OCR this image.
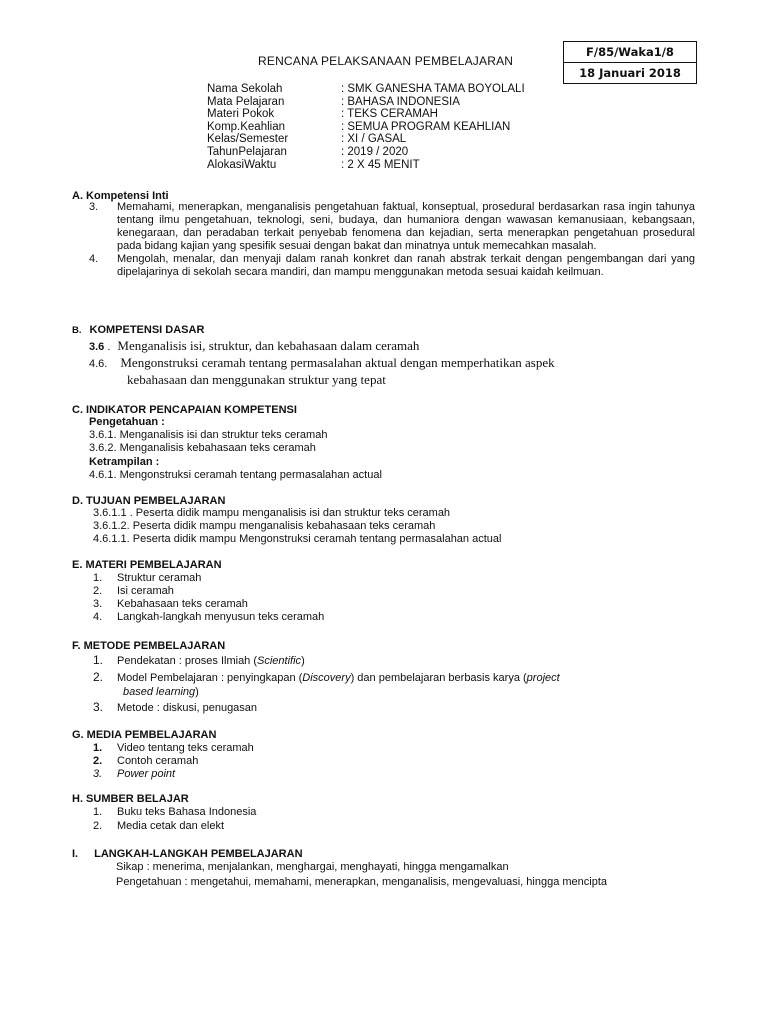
RENCANA PELAKSANAAN PEMBELAJARAN
F/85/Waka1/8
18 Januari 2018
Nama Sekolah	: SMK GANESHA TAMA BOYOLALI
Mata Pelajaran	: BAHASA INDONESIA
Materi Pokok	: TEKS CERAMAH
Komp.Keahlian	: SEMUA PROGRAM KEAHLIAN
Kelas/Semester	: XI / GASAL
TahunPelajaran	: 2019 / 2020
AlokasiWaktu	: 2 X 45 MENIT
A. Kompetensi Inti
3.	Memahami, menerapkan, menganalisis pengetahuan faktual, konseptual, prosedural berdasarkan rasa ingin tahunya tentang ilmu pengetahuan, teknologi, seni, budaya, dan humaniora dengan wawasan kemanusiaan, kebangsaan, kenegaraan, dan peradaban terkait penyebab fenomena dan kejadian, serta menerapkan pengetahuan prosedural pada bidang kajian yang spesifik sesuai dengan bakat dan minatnya untuk memecahkan masalah.
4.	Mengolah, menalar, dan menyaji dalam ranah konkret dan ranah abstrak terkait dengan pengembangan dari yang dipelajarinya di sekolah secara mandiri, dan mampu menggunakan metoda sesuai kaidah keilmuan.
B. KOMPETENSI DASAR
3.6 . Menganalisis isi, struktur, dan kebahasaan dalam ceramah
4.6. Mengonstruksi ceramah tentang permasalahan aktual dengan memperhatikan aspek
kebahasaan dan menggunakan struktur yang tepat
C. INDIKATOR PENCAPAIAN KOMPETENSI
Pengetahuan :
3.6.1. Menganalisis isi dan struktur teks ceramah
3.6.2. Menganalisis kebahasaan teks ceramah
Ketrampilan :
4.6.1. Mengonstruksi ceramah tentang permasalahan actual
D. TUJUAN PEMBELAJARAN
3.6.1.1 . Peserta didik mampu menganalisis isi dan struktur teks ceramah
3.6.1.2. Peserta didik mampu menganalisis kebahasaan teks ceramah
4.6.1.1. Peserta didik mampu Mengonstruksi ceramah tentang permasalahan actual
E. MATERI PEMBELAJARAN
1.	Struktur ceramah
2.	Isi ceramah
3.	Kebahasaan teks ceramah
4.	Langkah-langkah menyusun teks ceramah
F. METODE PEMBELAJARAN
1. Pendekatan : proses Ilmiah (Scientific)
2. Model Pembelajaran : penyingkapan (Discovery) dan pembelajaran berbasis karya (project
based learning)
3. Metode : diskusi, penugasan
G. MEDIA PEMBELAJARAN
1.	Video tentang teks ceramah
2.	Contoh ceramah
3.	Power point
H. SUMBER BELAJAR
1.	Buku teks Bahasa Indonesia
2.	Media cetak dan elekt
I. LANGKAH-LANGKAH PEMBELAJARAN
Sikap : menerima, menjalankan, menghargai, menghayati, hingga mengamalkan
Pengetahuan : mengetahui, memahami, menerapkan, menganalisis, mengevaluasi, hingga mencipta
